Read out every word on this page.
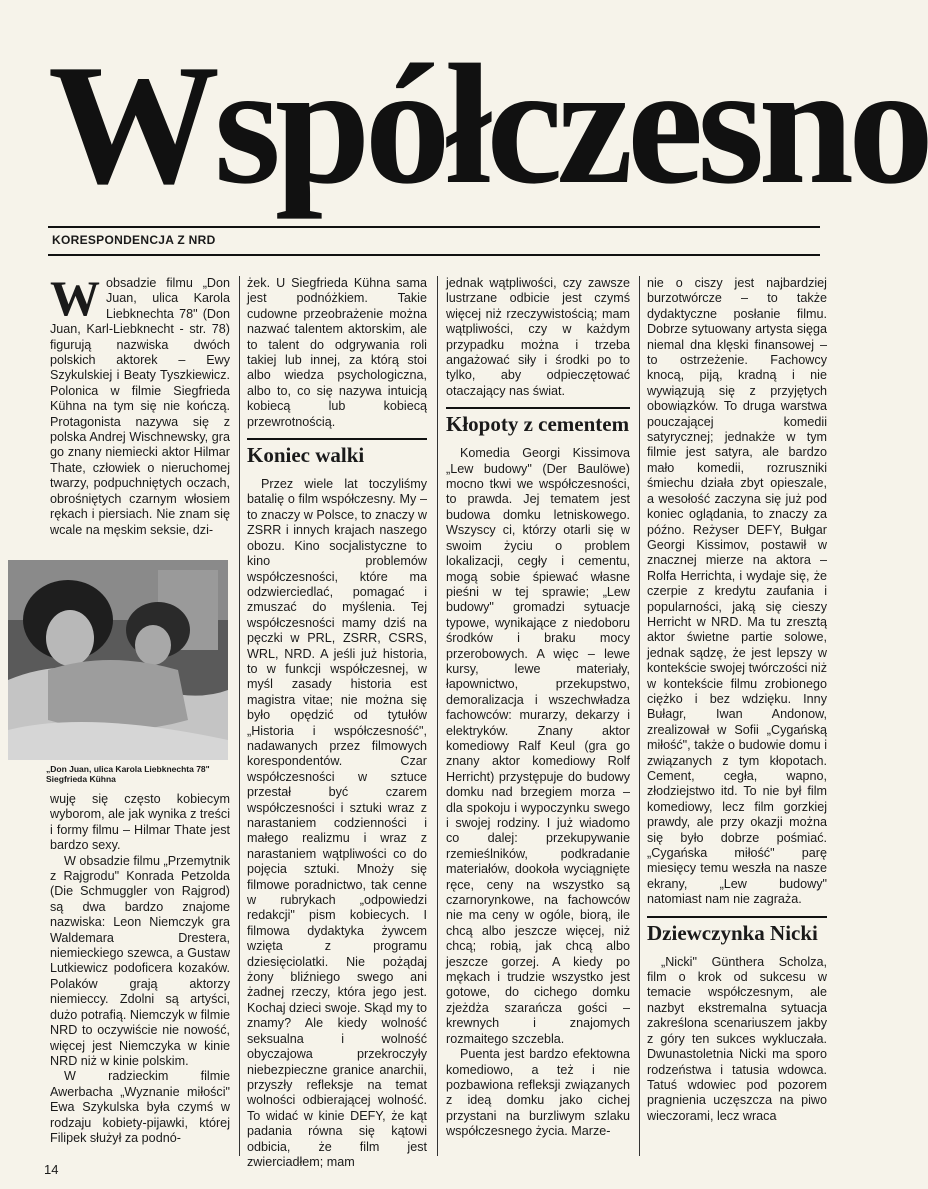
Współczesno
KORESPONDENCJA Z NRD

Wobsadzie filmu „Don Juan, ulica Karola Liebknechta 78" (Don Juan, Karl-Liebknecht - str. 78) figurują nazwiska dwóch polskich aktorek – Ewy Szykulskiej i Beaty Tyszkiewicz. Polonica w filmie Siegfrieda Kühna na tym się nie kończą. Protagonista nazywa się z polska Andrej Wischnewsky, gra go znany niemiecki aktor Hilmar Thate, człowiek o nieruchomej twarzy, podpuchniętych oczach, obrośniętych czarnym włosiem rękach i piersiach. Nie znam się wcale na męskim seksie, dzi-

„Don Juan, ulica Karola Liebknechta 78" Siegfrieda Kühna

wuję się często kobiecym wyborom, ale jak wynika z treści i formy filmu – Hilmar Thate jest bardzo sexy.

W obsadzie filmu „Przemytnik z Rajgrodu" Konrada Petzolda (Die Schmuggler von Rajgrod) są dwa bardzo znajome nazwiska: Leon Niemczyk gra Waldemara Drestera, niemieckiego szewca, a Gustaw Lutkiewicz podoficera kozaków. Polaków grają aktorzy niemieccy. Zdolni są artyści, dużo potrafią. Niemczyk w filmie NRD to oczywiście nie nowość, więcej jest Niemczyka w kinie NRD niż w kinie polskim.

W radzieckim filmie Awerbacha „Wyznanie miłości" Ewa Szykulska była czymś w rodzaju kobiety-pijawki, której Filipek służył za podnó-

żek. U Siegfrieda Kühna sama jest podnóżkiem. Takie cudowne przeobrażenie można nazwać talentem aktorskim, ale to talent do odgrywania roli takiej lub innej, za którą stoi albo wiedza psychologiczna, albo to, co się nazywa intuicją kobiecą lub kobiecą przewrotnością.

Koniec walki

Przez wiele lat toczyliśmy batalię o film współczesny. My – to znaczy w Polsce, to znaczy w ZSRR i innych krajach naszego obozu. Kino socjalistyczne to kino problemów współczesności, które ma odzwierciedlać, pomagać i zmuszać do myślenia. Tej współczesności mamy dziś na pęczki w PRL, ZSRR, CSRS, WRL, NRD. A jeśli już historia, to w funkcji współczesnej, w myśl zasady historia est magistra vitae; nie można się było opędzić od tytułów „Historia i współczesność", nadawanych przez filmowych korespondentów. Czar współczesności w sztuce przestał być czarem współczesności i sztuki wraz z narastaniem codzienności i małego realizmu i wraz z narastaniem wątpliwości co do pojęcia sztuki. Mnoży się filmowe poradnictwo, tak cenne w rubrykach „odpowiedzi redakcji" pism kobiecych. I filmowa dydaktyka żywcem wzięta z programu dziesięciolatki. Nie pożądaj żony bliźniego swego ani żadnej rzeczy, która jego jest. Kochaj dzieci swoje. Skąd my to znamy? Ale kiedy wolność seksualna i wolność obyczajowa przekroczyły niebezpieczne granice anarchii, przyszły refleksje na temat wolności odbierającej wolność. To widać w kinie DEFY, że kąt padania równa się kątowi odbicia, że film jest zwierciadłem; mam

jednak wątpliwości, czy zawsze lustrzane odbicie jest czymś więcej niż rzeczywistością; mam wątpliwości, czy w każdym przypadku można i trzeba angażować siły i środki po to tylko, aby odpieczętować otaczający nas świat.

Kłopoty z cementem

Komedia Georgi Kissimova „Lew budowy" (Der Baulöwe) mocno tkwi we współczesności, to prawda. Jej tematem jest budowa domku letniskowego. Wszyscy ci, którzy otarli się w swoim życiu o problem lokalizacji, cegły i cementu, mogą sobie śpiewać własne pieśni w tej sprawie; „Lew budowy" gromadzi sytuacje typowe, wynikające z niedoboru środków i braku mocy przerobowych. A więc – lewe kursy, lewe materiały, łapownictwo, przekupstwo, demoralizacja i wszechwładza fachowców: murarzy, dekarzy i elektryków. Znany aktor komediowy Ralf Keul (gra go znany aktor komediowy Rolf Herricht) przystępuje do budowy domku nad brzegiem morza – dla spokoju i wypoczynku swego i swojej rodziny. I już wiadomo co dalej: przekupywanie rzemieślników, podkradanie materiałów, dookoła wyciągnięte ręce, ceny na wszystko są czarnorynkowe, na fachowców nie ma ceny w ogóle, biorą, ile chcą albo jeszcze więcej, niż chcą; robią, jak chcą albo jeszcze gorzej. A kiedy po mękach i trudzie wszystko jest gotowe, do cichego domku zjeżdża szarańcza gości – krewnych i znajomych rozmaitego szczebla.

Puenta jest bardzo efektowna komediowo, a też i nie pozbawiona refleksji związanych z ideą domku jako cichej przystani na burzliwym szlaku współczesnego życia. Marze-

nie o ciszy jest najbardziej burzotwórcze – to także dydaktyczne posłanie filmu. Dobrze sytuowany artysta sięga niemal dna klęski finansowej – to ostrzeżenie. Fachowcy knocą, piją, kradną i nie wywiązują się z przyjętych obowiązków. To druga warstwa pouczającej komedii satyrycznej; jednakże w tym filmie jest satyra, ale bardzo mało komedii, rozruszniki śmiechu działa zbyt opieszale, a wesołość zaczyna się już pod koniec oglądania, to znaczy za późno. Reżyser DEFY, Bułgar Georgi Kissimov, postawił w znacznej mierze na aktora – Rolfa Herrichta, i wydaje się, że czerpie z kredytu zaufania i popularności, jaką się cieszy Herricht w NRD. Ma tu zresztą aktor świetne partie solowe, jednak sądzę, że jest lepszy w kontekście swojej twórczości niż w kontekście filmu zrobionego ciężko i bez wdzięku. Inny Bułagr, Iwan Andonow, zrealizował w Sofii „Cygańską miłość", także o budowie domu i związanych z tym kłopotach. Cement, cegła, wapno, złodziejstwo itd. To nie był film komediowy, lecz film gorzkiej prawdy, ale przy okazji można się było dobrze pośmiać. „Cygańska miłość" parę miesięcy temu weszła na nasze ekrany, „Lew budowy" natomiast nam nie zagraża.

Dziewczynka Nicki

„Nicki" Günthera Scholza, film o krok od sukcesu w temacie współczesnym, ale nazbyt ekstremalna sytuacja zakreślona scenariuszem jakby z góry ten sukces wykluczała. Dwunastoletnia Nicki ma sporo rodzeństwa i tatusia wdowca. Tatuś wdowiec pod pozorem pragnienia uczęszcza na piwo wieczorami, lecz wraca

14
